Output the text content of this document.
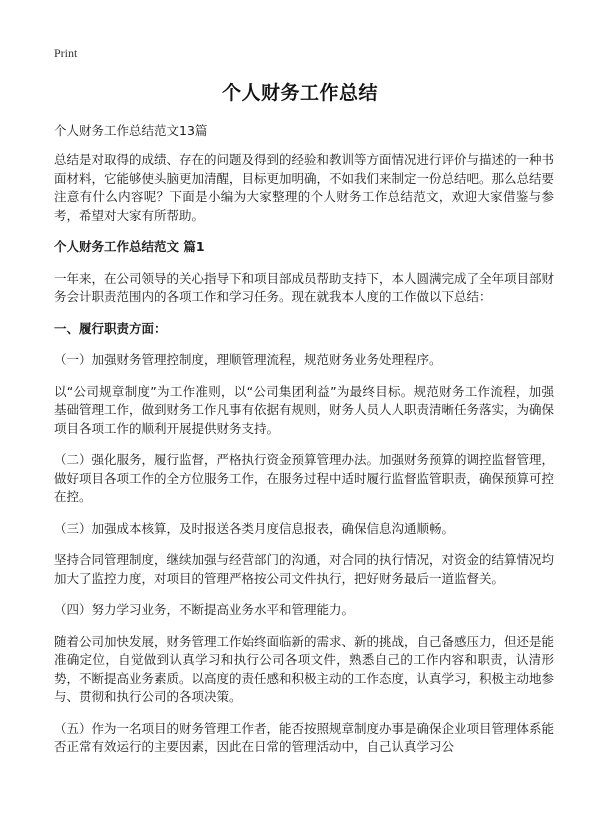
Print
个人财务工作总结
个人财务工作总结范文13篇

总结是对取得的成绩、存在的问题及得到的经验和教训等方面情况进行评价与描述的一种书面材料，它能够使头脑更加清醒，目标更加明确，不如我们来制定一份总结吧。那么总结要注意有什么内容呢？下面是小编为大家整理的个人财务工作总结范文，欢迎大家借鉴与参考，希望对大家有所帮助。

个人财务工作总结范文 篇1

一年来，在公司领导的关心指导下和项目部成员帮助支持下，本人圆满完成了全年项目部财务会计职责范围内的各项工作和学习任务。现在就我本人度的工作做以下总结：

一、履行职责方面：

（一）加强财务管理控制度，理顺管理流程，规范财务业务处理程序。

以“公司规章制度”为工作准则，以“公司集团利益”为最终目标。规范财务工作流程，加强基础管理工作，做到财务工作凡事有依据有规则，财务人员人人职责清晰任务落实，为确保项目各项工作的顺利开展提供财务支持。

（二）强化服务，履行监督，严格执行资金预算管理办法。加强财务预算的调控监督管理，做好项目各项工作的全方位服务工作，在服务过程中适时履行监督监管职责，确保预算可控在控。

（三）加强成本核算，及时报送各类月度信息报表，确保信息沟通顺畅。

坚持合同管理制度，继续加强与经营部门的沟通，对合同的执行情况，对资金的结算情况均加大了监控力度，对项目的管理严格按公司文件执行，把好财务最后一道监督关。

（四）努力学习业务，不断提高业务水平和管理能力。

随着公司加快发展，财务管理工作始终面临新的需求、新的挑战，自己备感压力，但还是能准确定位，自觉做到认真学习和执行公司各项文件，熟悉自己的工作内容和职责，认清形势，不断提高业务素质。以高度的责任感和积极主动的工作态度，认真学习，积极主动地参与、贯彻和执行公司的各项决策。

（五）作为一名项目的财务管理工作者，能否按照规章制度办事是确保企业项目管理体系能否正常有效运行的主要因素，因此在日常的管理活动中，自己认真学习公
